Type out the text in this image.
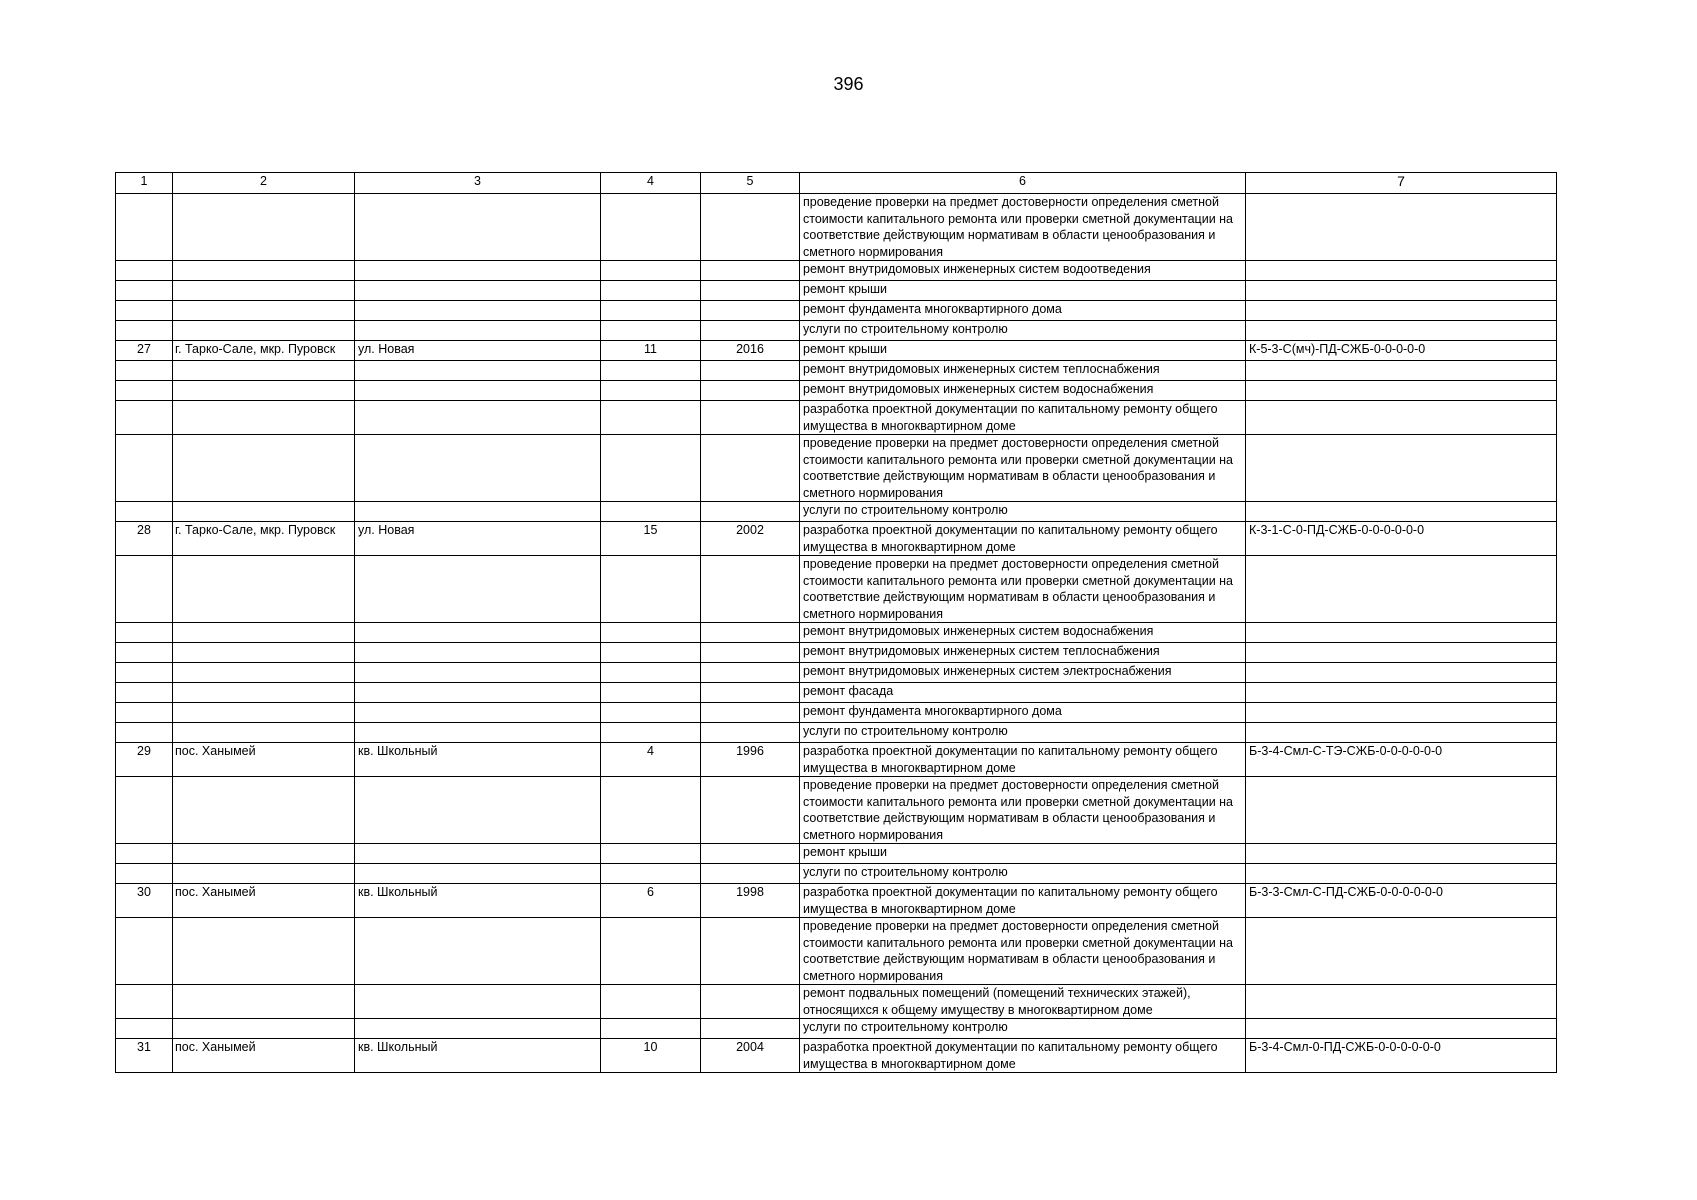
396
1	2	3	4	5	6	7
					проведение проверки на предмет достоверности определения сметной стоимости капитального ремонта или проверки сметной документации на соответствие действующим нормативам в области ценообразования и сметного нормирования	
					ремонт внутридомовых инженерных систем водоотведения	
					ремонт крыши	
					ремонт фундамента многоквартирного дома	
					услуги по строительному контролю	
27	г. Тарко-Сале, мкр. Пуровск	ул. Новая	11	2016	ремонт крыши	К-5-3-С(мч)-ПД-СЖБ-0-0-0-0-0
					ремонт внутридомовых инженерных систем теплоснабжения	
					ремонт внутридомовых инженерных систем водоснабжения	
					разработка проектной документации по капитальному ремонту общего имущества в многоквартирном доме	
					проведение проверки на предмет достоверности определения сметной стоимости капитального ремонта или проверки сметной документации на соответствие действующим нормативам в области ценообразования и сметного нормирования	
					услуги по строительному контролю	
28	г. Тарко-Сале, мкр. Пуровск	ул. Новая	15	2002	разработка проектной документации по капитальному ремонту общего имущества в многоквартирном доме	К-3-1-С-0-ПД-СЖБ-0-0-0-0-0-0
					проведение проверки на предмет достоверности определения сметной стоимости капитального ремонта или проверки сметной документации на соответствие действующим нормативам в области ценообразования и сметного нормирования	
					ремонт внутридомовых инженерных систем водоснабжения	
					ремонт внутридомовых инженерных систем теплоснабжения	
					ремонт внутридомовых инженерных систем электроснабжения	
					ремонт фасада	
					ремонт фундамента многоквартирного дома	
					услуги по строительному контролю	
29	пос. Ханымей	кв. Школьный	4	1996	разработка проектной документации по капитальному ремонту общего имущества в многоквартирном доме	Б-3-4-Смл-С-ТЭ-СЖБ-0-0-0-0-0-0
					проведение проверки на предмет достоверности определения сметной стоимости капитального ремонта или проверки сметной документации на соответствие действующим нормативам в области ценообразования и сметного нормирования	
					ремонт крыши	
					услуги по строительному контролю	
30	пос. Ханымей	кв. Школьный	6	1998	разработка проектной документации по капитальному ремонту общего имущества в многоквартирном доме	Б-3-3-Смл-С-ПД-СЖБ-0-0-0-0-0-0
					проведение проверки на предмет достоверности определения сметной стоимости капитального ремонта или проверки сметной документации на соответствие действующим нормативам в области ценообразования и сметного нормирования	
					ремонт подвальных помещений (помещений технических этажей), относящихся к общему имуществу в многоквартирном доме	
					услуги по строительному контролю	
31	пос. Ханымей	кв. Школьный	10	2004	разработка проектной документации по капитальному ремонту общего имущества в многоквартирном доме	Б-3-4-Смл-0-ПД-СЖБ-0-0-0-0-0-0
